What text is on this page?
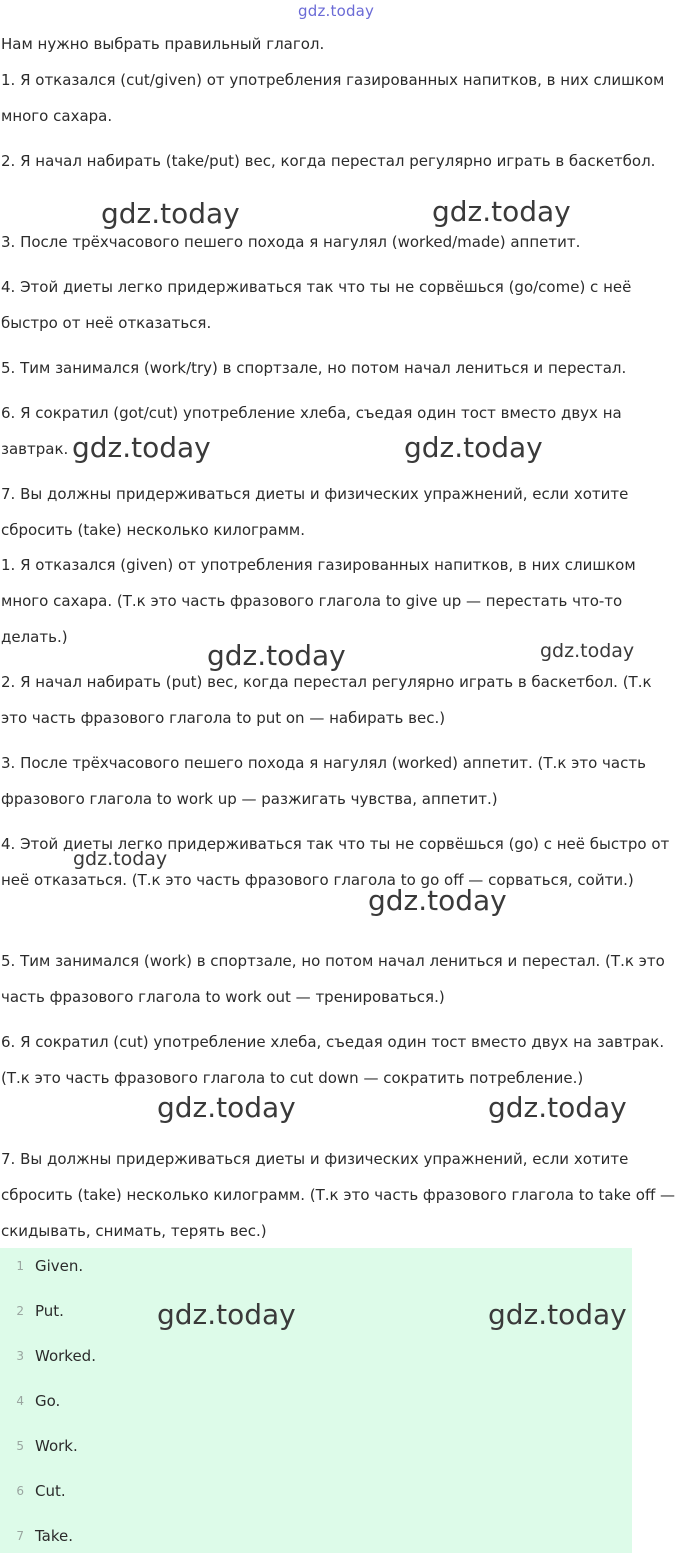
gdz.today

Нам нужно выбрать правильный глагол.

1. Я отказался (cut/given) от употребления газированных напитков, в них слишком много сахара.

2. Я начал набирать (take/put) вес, когда перестал регулярно играть в баскетбол.

3. После трёхчасового пешего похода я нагулял (worked/made) аппетит.

4. Этой диеты легко придерживаться так что ты не сорвёшься (go/come) с неё быстро от неё отказаться.

5. Тим занимался (work/try) в спортзале, но потом начал лениться и перестал.

6. Я сократил (got/cut) употребление хлеба, съедая один тост вместо двух на завтрак.

7. Вы должны придерживаться диеты и физических упражнений, если хотите сбросить (take) несколько килограмм.

1. Я отказался (given) от употребления газированных напитков, в них слишком много сахара. (Т.к это часть фразового глагола to give up — перестать что-то делать.)

2. Я начал набирать (put) вес, когда перестал регулярно играть в баскетбол. (Т.к это часть фразового глагола to put on — набирать вес.)

3. После трёхчасового пешего похода я нагулял (worked) аппетит. (Т.к это часть фразового глагола to work up — разжигать чувства, аппетит.)

4. Этой диеты легко придерживаться так что ты не сорвёшься (go) с неё быстро от неё отказаться. (Т.к это часть фразового глагола to go off — сорваться, сойти.)

5. Тим занимался (work) в спортзале, но потом начал лениться и перестал. (Т.к это часть фразового глагола to work out — тренироваться.)

6. Я сократил (cut) употребление хлеба, съедая один тост вместо двух на завтрак. (Т.к это часть фразового глагола to cut down — сократить потребление.)

7. Вы должны придерживаться диеты и физических упражнений, если хотите сбросить (take) несколько килограмм. (Т.к это часть фразового глагола to take off — скидывать, снимать, терять вес.)

1 Given.
2 Put.
3 Worked.
4 Go.
5 Work.
6 Cut.
7 Take.
gdz.today	gdz.today
gdz.today	gdz.today
gdz.today	gdz.today
gdz.today
gdz.today
gdz.today	gdz.today
gdz.today	gdz.today
